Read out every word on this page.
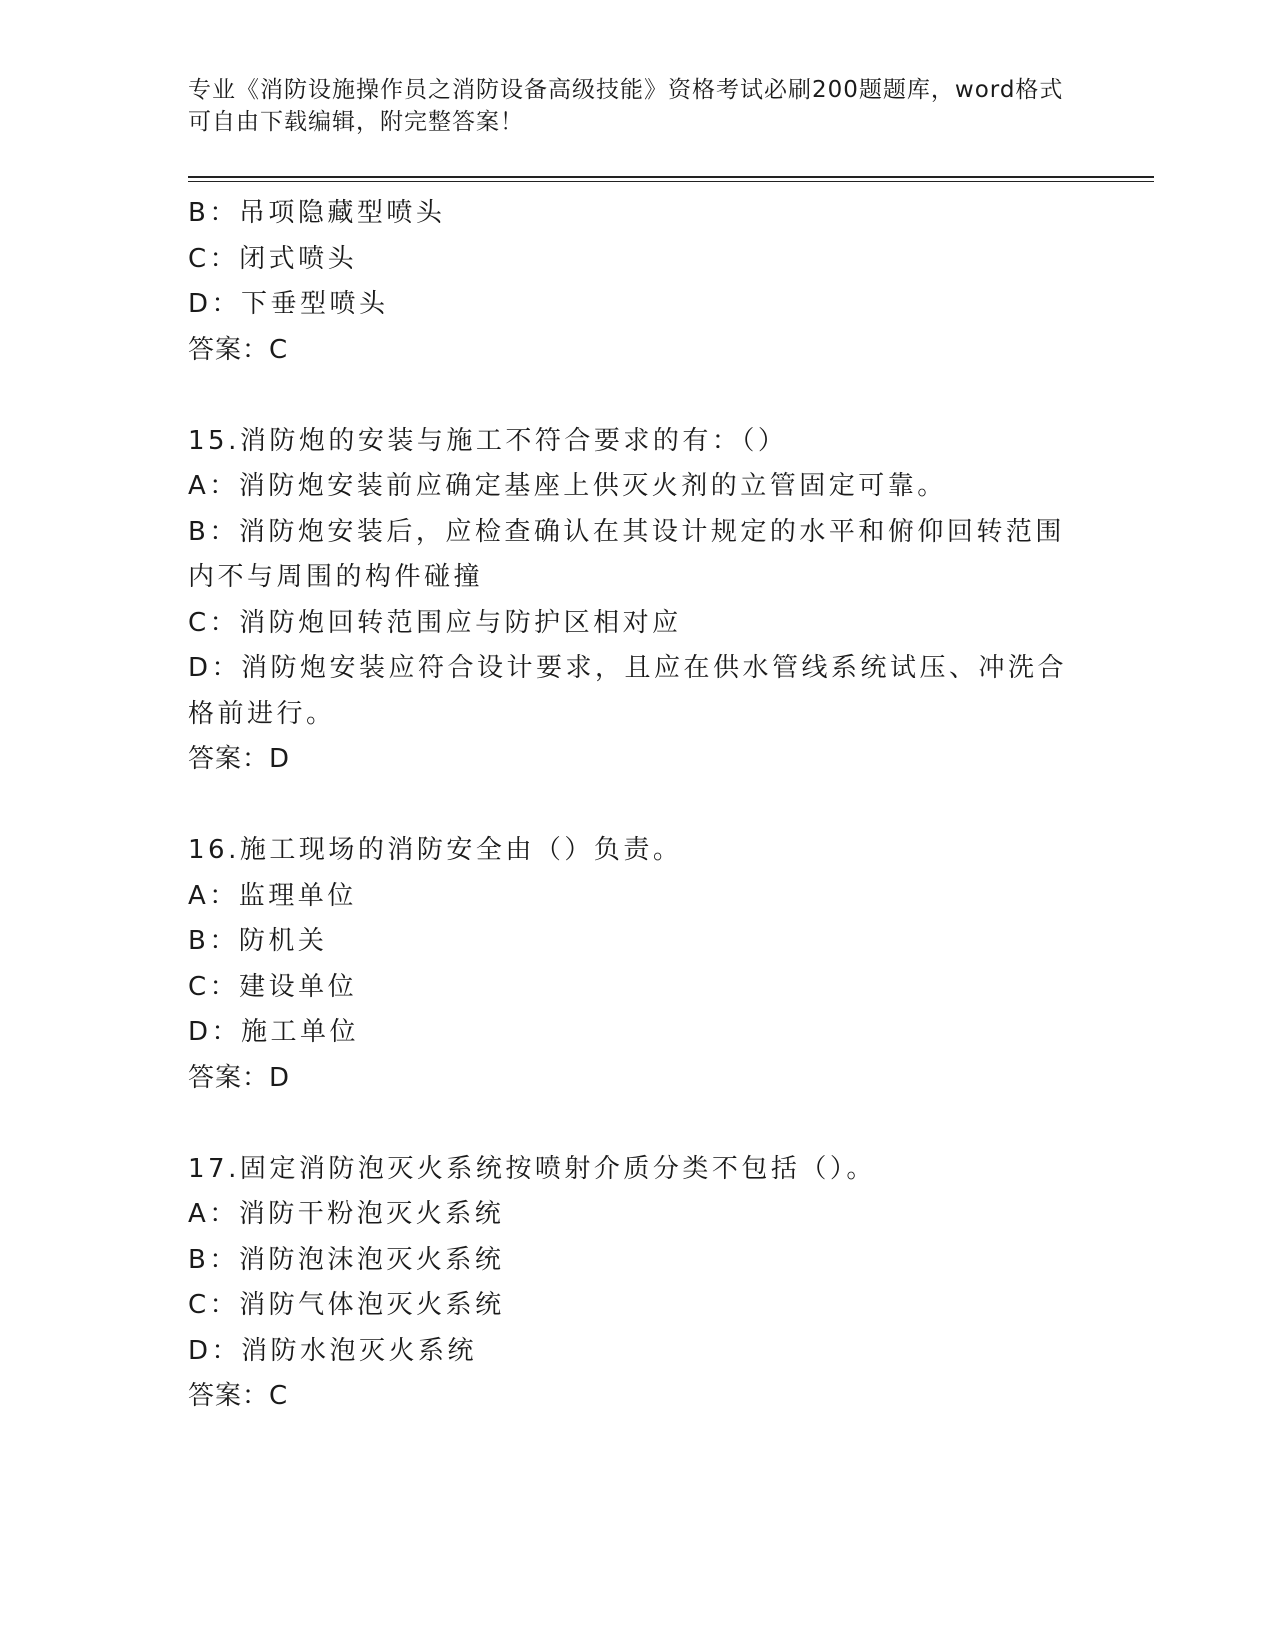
专业《消防设施操作员之消防设备高级技能》资格考试必刷200题题库，word格式可自由下载编辑，附完整答案！
B：吊项隐藏型喷头
C：闭式喷头
D：下垂型喷头
答案：C
15.消防炮的安装与施工不符合要求的有：（）
A：消防炮安装前应确定基座上供灭火剂的立管固定可靠。
B：消防炮安装后，应检查确认在其设计规定的水平和俯仰回转范围内不与周围的构件碰撞
C：消防炮回转范围应与防护区相对应
D：消防炮安装应符合设计要求，且应在供水管线系统试压、冲洗合格前进行。
答案：D
16.施工现场的消防安全由（）负责。
A：监理单位
B：防机关
C：建设单位
D：施工单位
答案：D
17.固定消防泡灭火系统按喷射介质分类不包括（）。
A：消防干粉泡灭火系统
B：消防泡沫泡灭火系统
C：消防气体泡灭火系统
D：消防水泡灭火系统
答案：C
